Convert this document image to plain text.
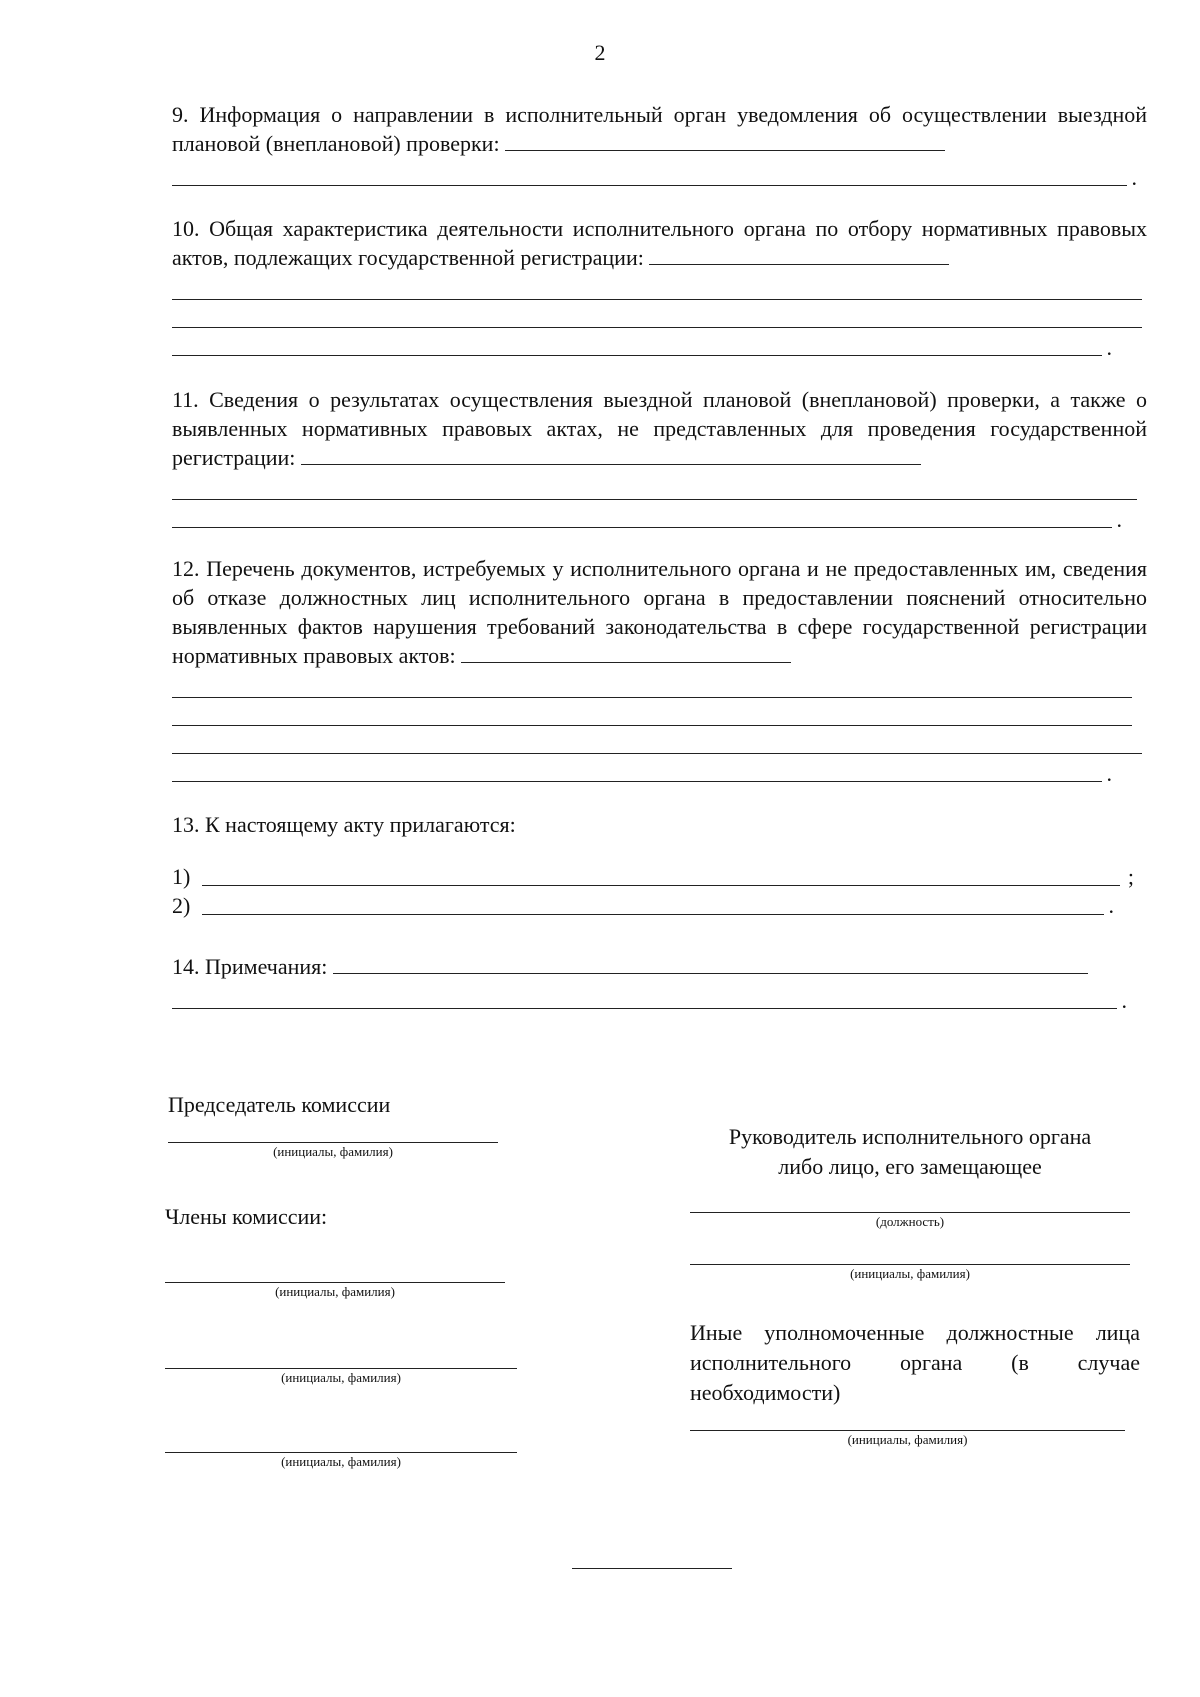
2

9. Информация о направлении в исполнительный орган уведомления об осуществлении выездной плановой (внеплановой) проверки:

.

10. Общая характеристика деятельности исполнительного органа по отбору нормативных правовых актов, подлежащих государственной регистрации:

.

11. Сведения о результатах осуществления выездной плановой (внеплановой) проверки, а также о выявленных нормативных правовых актах, не представленных для проведения государственной регистрации:

.

12. Перечень документов, истребуемых у исполнительного органа и не предоставленных им, сведения об отказе должностных лиц исполнительного органа в предоставлении пояснений относительно выявленных фактов нарушения требований законодательства в сфере государственной регистрации нормативных правовых актов:

.

13. К настоящему акту прилагаются:

1)	;
2)	.

14. Примечания:

.
Председатель комиссии
(инициалы, фамилия)
Члены комиссии:
(инициалы, фамилия)
(инициалы, фамилия)
(инициалы, фамилия)
Руководитель исполнительного органа
либо лицо, его замещающее
(должность)
(инициалы, фамилия)
Иные уполномоченные должностные лица исполнительного органа (в случае необходимости)
(инициалы, фамилия)
